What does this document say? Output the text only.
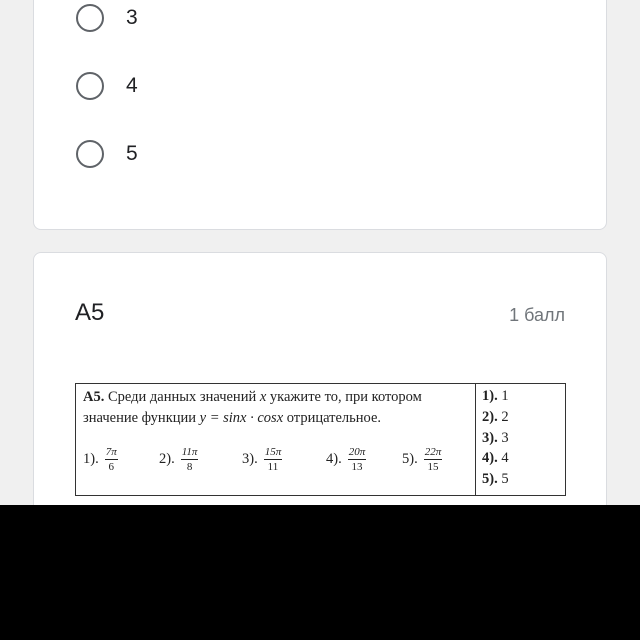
3
4
5
A5	1 балл
A5. Среди данных значений x укажите то, при котором значение функции y = sinx · cosx отрицательное.
1). $\frac{7\pi}{6}$	2). $\frac{11\pi}{8}$	3). $\frac{15\pi}{11}$	4). $\frac{20\pi}{13} 5$). $\frac{22\pi}{15}$
1). 1
2). 2
3). 3
4). 4
5). 5
